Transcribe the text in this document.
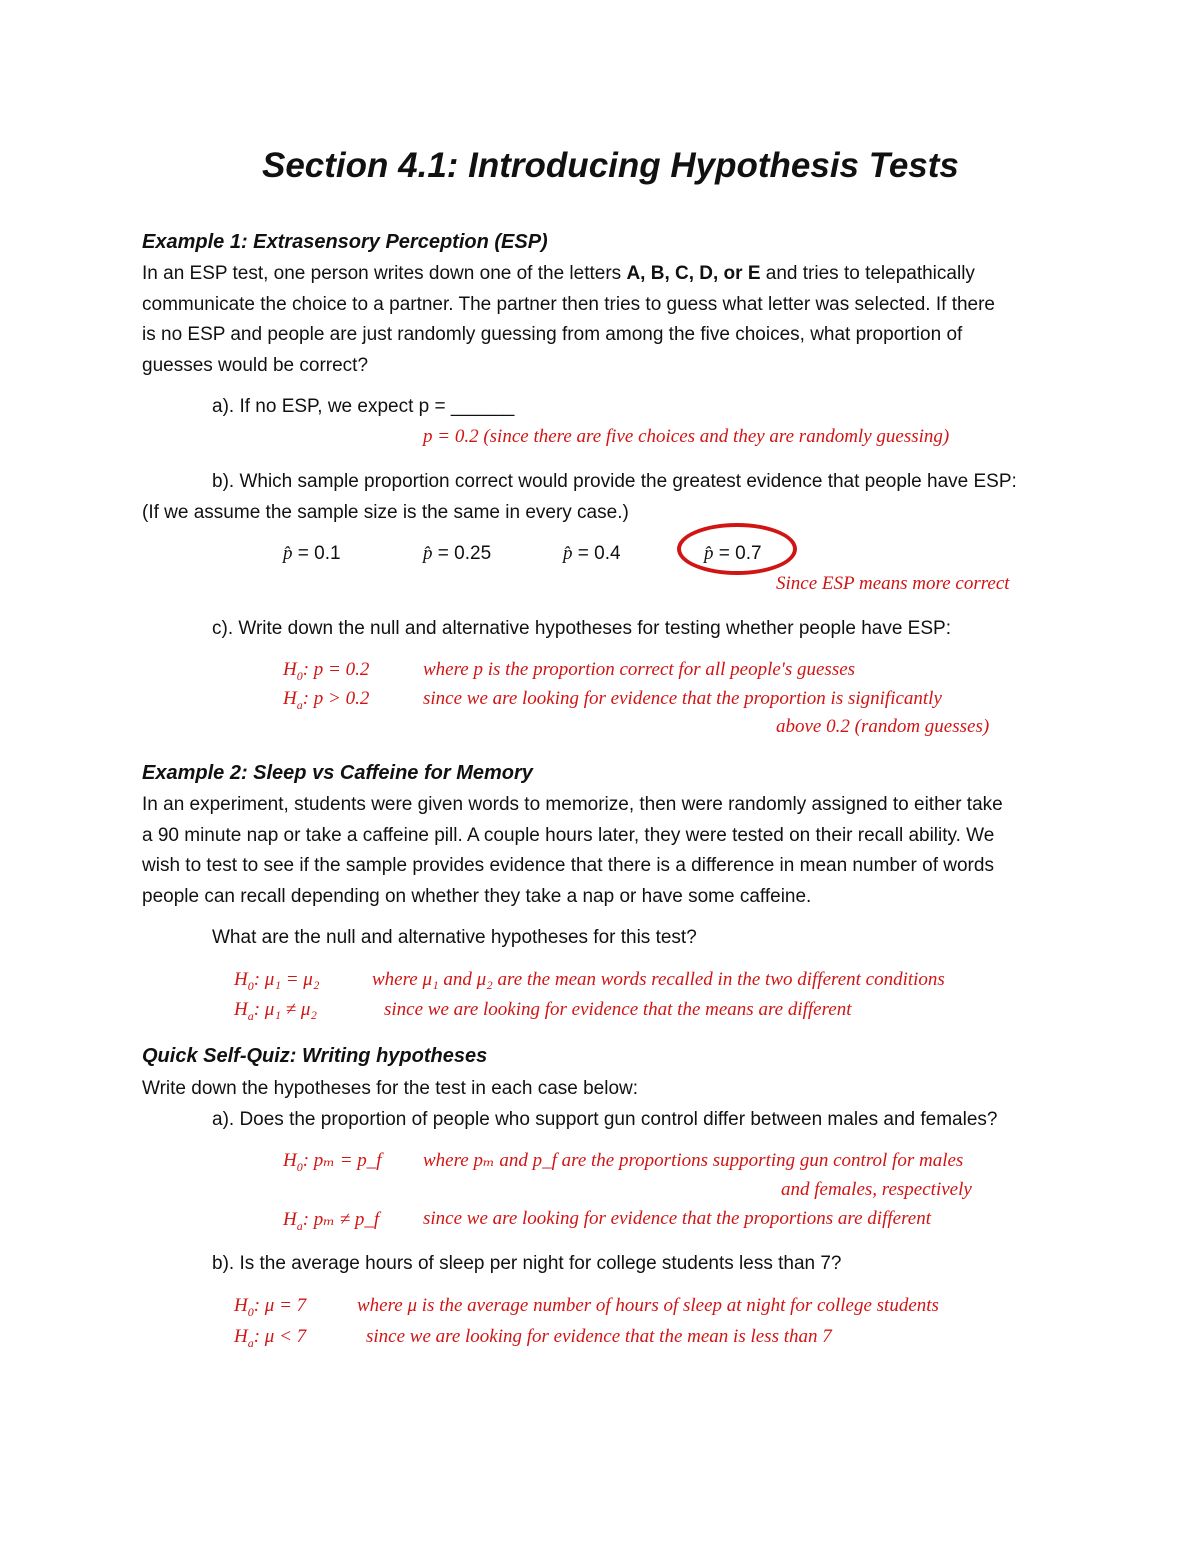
Section 4.1: Introducing Hypothesis Tests
Example 1: Extrasensory Perception (ESP)
In an ESP test, one person writes down one of the letters A, B, C, D, or E and tries to telepathically
communicate the choice to a partner. The partner then tries to guess what letter was selected. If there
is no ESP and people are just randomly guessing from among the five choices, what proportion of
guesses would be correct?
a). If no ESP, we expect p = ______
p = 0.2 (since there are five choices and they are randomly guessing)
b). Which sample proportion correct would provide the greatest evidence that people have ESP:
(If we assume the sample size is the same in every case.)
p̂ = 0.1	p̂ = 0.25	p̂ = 0.4	p̂ = 0.7
Since ESP means more correct
c). Write down the null and alternative hypotheses for testing whether people have ESP:
$H_0$: p = 0.2	where p is the proportion correct for all people's guesses
$H_a$: p > 0.2	since we are looking for evidence that the proportion is significantly
above 0.2 (random guesses)
Example 2: Sleep vs Caffeine for Memory
In an experiment, students were given words to memorize, then were randomly assigned to either take
a 90 minute nap or take a caffeine pill. A couple hours later, they were tested on their recall ability. We
wish to test to see if the sample provides evidence that there is a difference in mean number of words
people can recall depending on whether they take a nap or have some caffeine.
What are the null and alternative hypotheses for this test?
$H_0$: μ₁ = μ₂	where μ₁ and μ₂ are the mean words recalled in the two different conditions
$H_a$: μ₁ ≠ μ₂	since we are looking for evidence that the means are different
Quick Self-Quiz: Writing hypotheses
Write down the hypotheses for the test in each case below:
a). Does the proportion of people who support gun control differ between males and females?
$H_0$: pₘ = p_f where pₘ and p_f are the proportions supporting gun control for males
and females, respectively
$H_a$: pₘ ≠ p_f since we are looking for evidence that the proportions are different
b). Is the average hours of sleep per night for college students less than 7?
$H_0$: μ = 7	where μ is the average number of hours of sleep at night for college students
$H_a$: μ < 7	since we are looking for evidence that the mean is less than 7
